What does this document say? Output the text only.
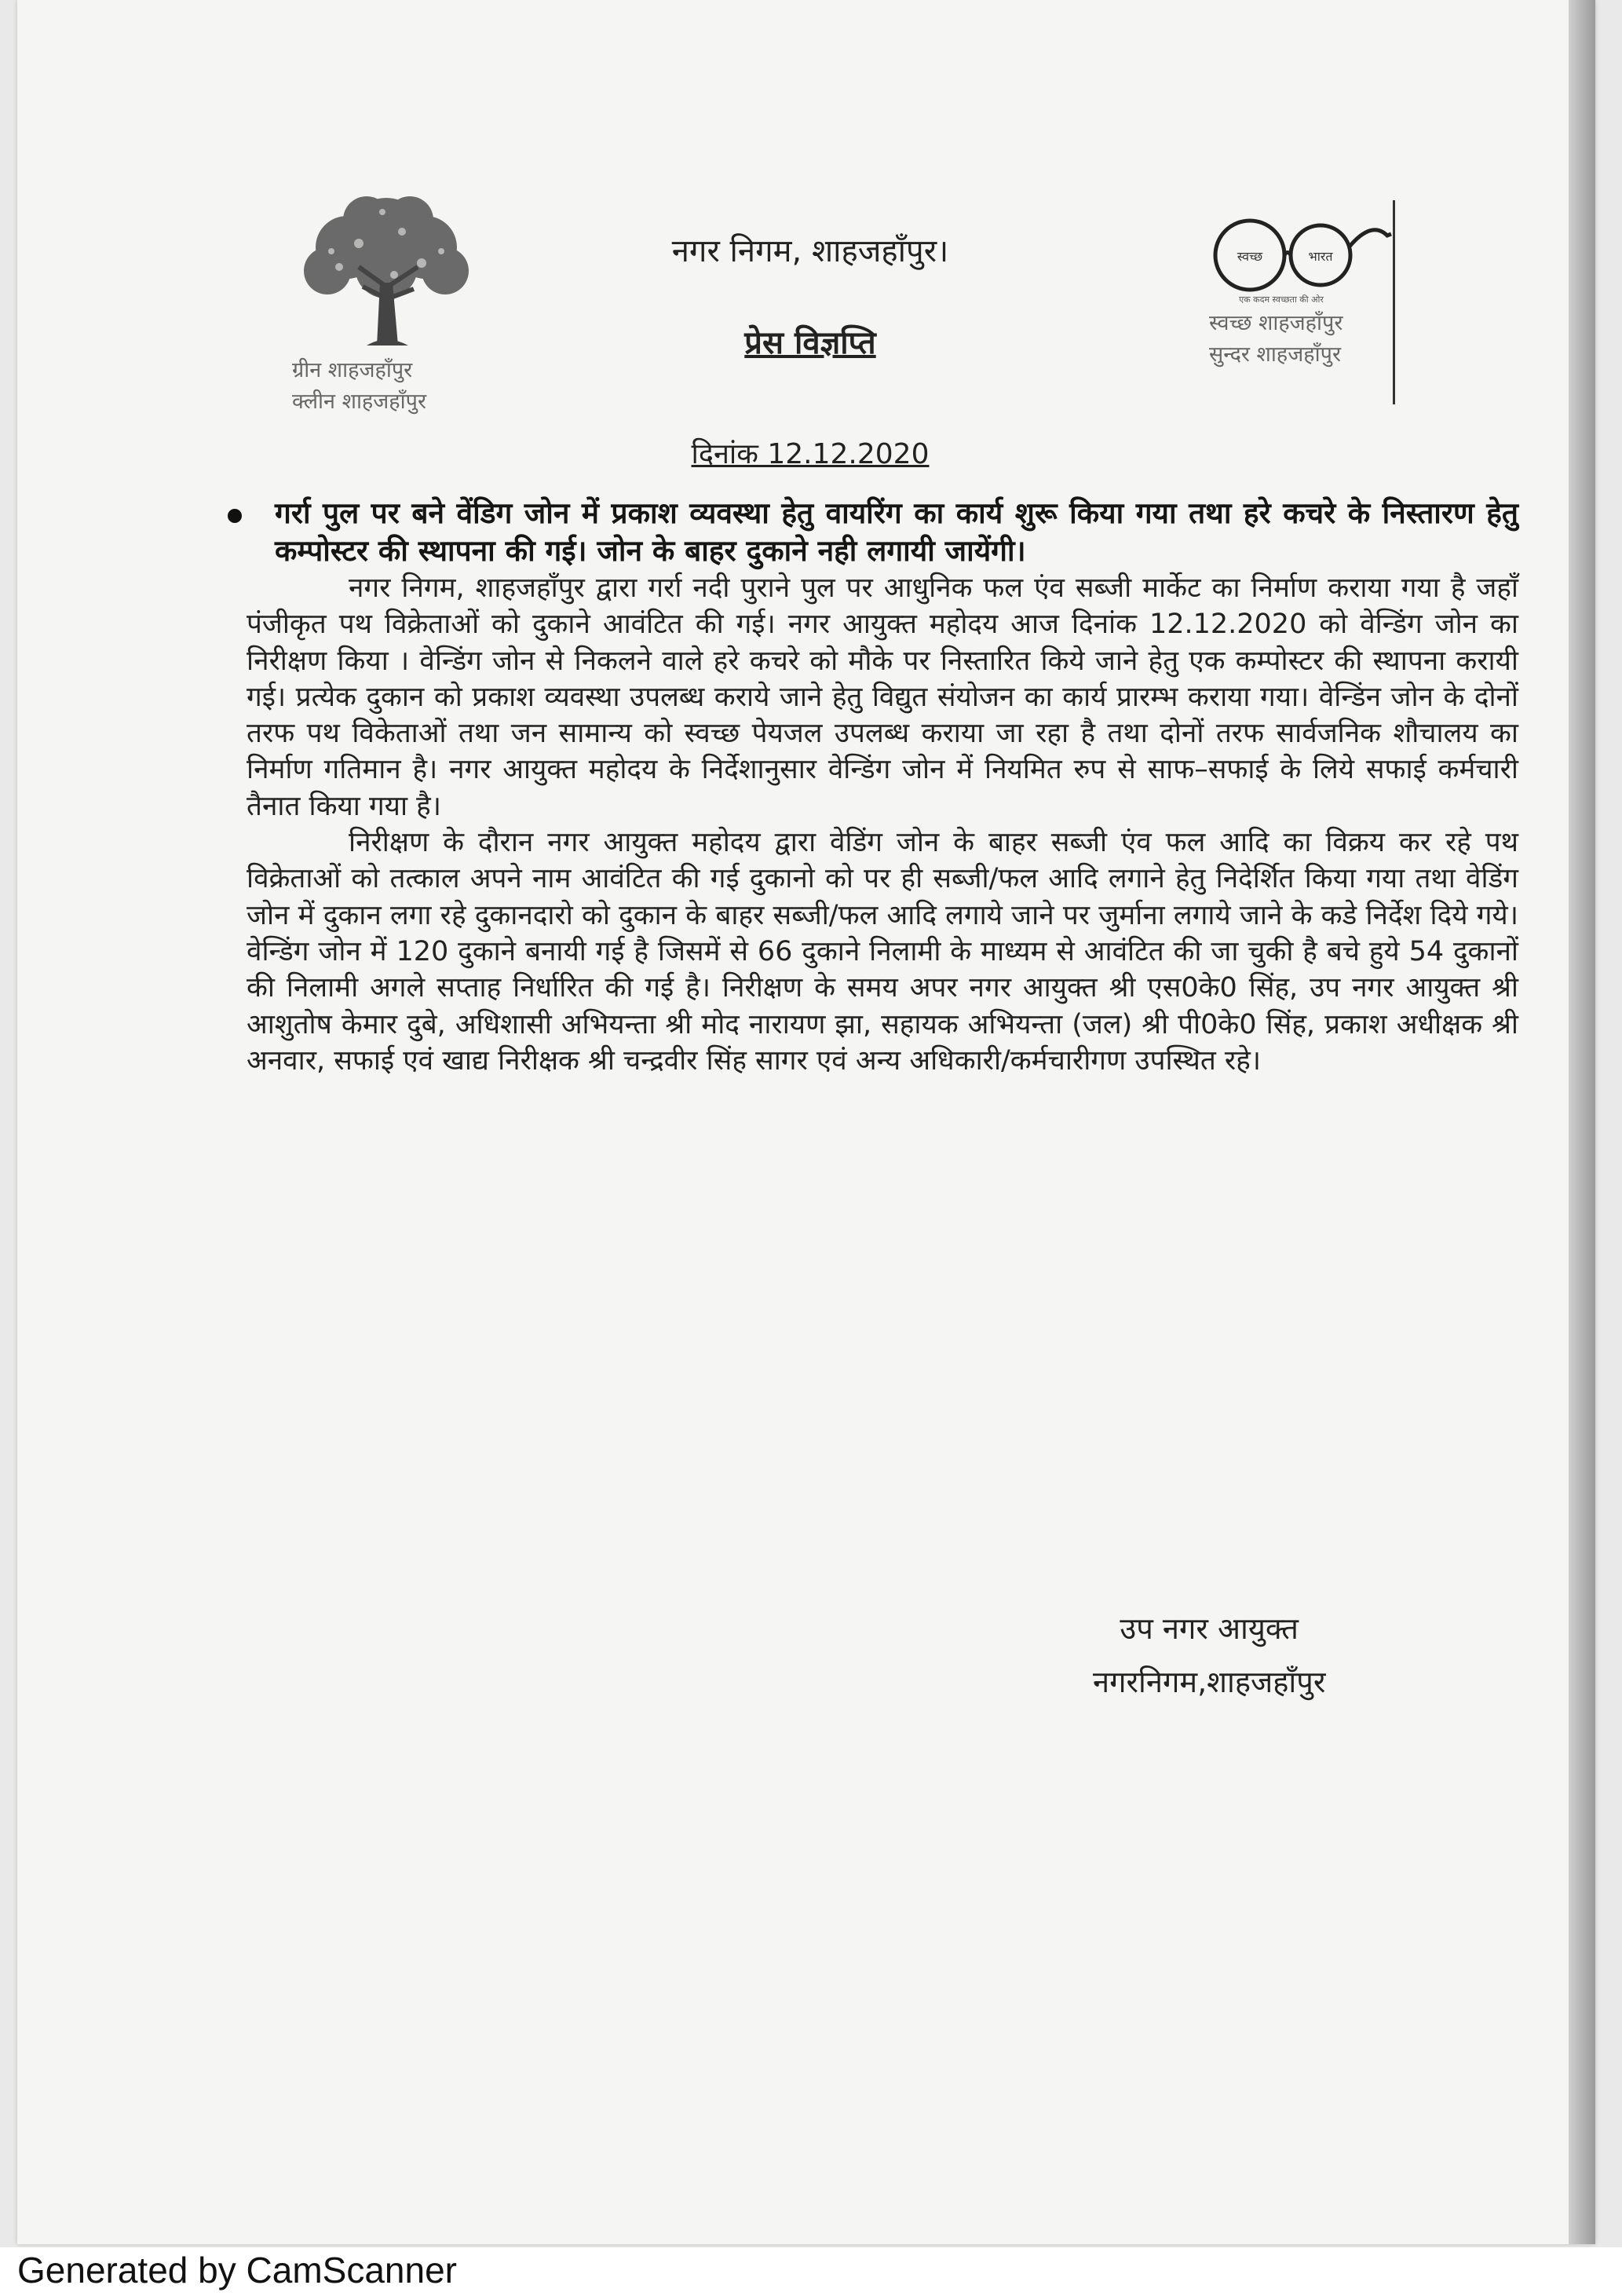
ग्रीन शाहजहाँपुर
क्लीन शाहजहाँपुर
नगर निगम, शाहजहाँपुर।
प्रेस विज्ञप्ति
दिनांक 12.12.2020
स्वच्छ	भारत
एक कदम स्वच्छता की ओर
स्वच्छ शाहजहाँपुर
सुन्दर शाहजहाँपुर

गर्रा पुल पर बने वेंडिग जोन में प्रकाश व्यवस्था हेतु वायरिंग का कार्य शुरू किया गया तथा हरे कचरे के निस्तारण हेतु कम्पोस्टर की स्थापना की गई। जोन के बाहर दुकाने नही लगायी जायेंगी।

नगर निगम, शाहजहाँपुर द्वारा गर्रा नदी पुराने पुल पर आधुनिक फल एंव सब्जी मार्केट का निर्माण कराया गया है जहाँ पंजीकृत पथ विक्रेताओं को दुकाने आवंटित की गई। नगर आयुक्त महोदय आज दिनांक 12.12.2020 को वेन्डिंग जोन का निरीक्षण किया । वेन्डिंग जोन से निकलने वाले हरे कचरे को मौके पर निस्तारित किये जाने हेतु एक कम्पोस्टर की स्थापना करायी गई। प्रत्येक दुकान को प्रकाश व्यवस्था उपलब्ध कराये जाने हेतु विद्युत संयोजन का कार्य प्रारम्भ कराया गया। वेन्डिंन जोन के दोनों तरफ पथ विकेताओं तथा जन सामान्य को स्वच्छ पेयजल उपलब्ध कराया जा रहा है तथा दोनों तरफ सार्वजनिक शौचालय का निर्माण गतिमान है। नगर आयुक्त महोदय के निर्देशानुसार वेन्डिंग जोन में नियमित रुप से साफ–सफाई के लिये सफाई कर्मचारी तैनात किया गया है।

निरीक्षण के दौरान नगर आयुक्त महोदय द्वारा वेडिंग जोन के बाहर सब्जी एंव फल आदि का विक्रय कर रहे पथ विक्रेताओं को तत्काल अपने नाम आवंटित की गई दुकानो को पर ही सब्जी/फल आदि लगाने हेतु निदेर्शित किया गया तथा वेडिंग जोन में दुकान लगा रहे दुकानदारो को दुकान के बाहर सब्जी/फल आदि लगाये जाने पर जुर्माना लगाये जाने के कडे निर्देश दिये गये। वेन्डिंग जोन में 120 दुकाने बनायी गई है जिसमें से 66 दुकाने निलामी के माध्यम से आवंटित की जा चुकी है बचे हुये 54 दुकानों की निलामी अगले सप्ताह निर्धारित की गई है। निरीक्षण के समय अपर नगर आयुक्त श्री एस0के0 सिंह, उप नगर आयुक्त श्री आशुतोष केमार दुबे, अधिशासी अभियन्ता श्री मोद नारायण झा, सहायक अभियन्ता (जल) श्री पी0के0 सिंह, प्रकाश अधीक्षक श्री अनवार, सफाई एवं खाद्य निरीक्षक श्री चन्द्रवीर सिंह सागर एवं अन्य अधिकारी/कर्मचारीगण उपस्थित रहे।

उप नगर आयुक्त
नगरनिगम,शाहजहाँपुर
Generated by CamScanner
